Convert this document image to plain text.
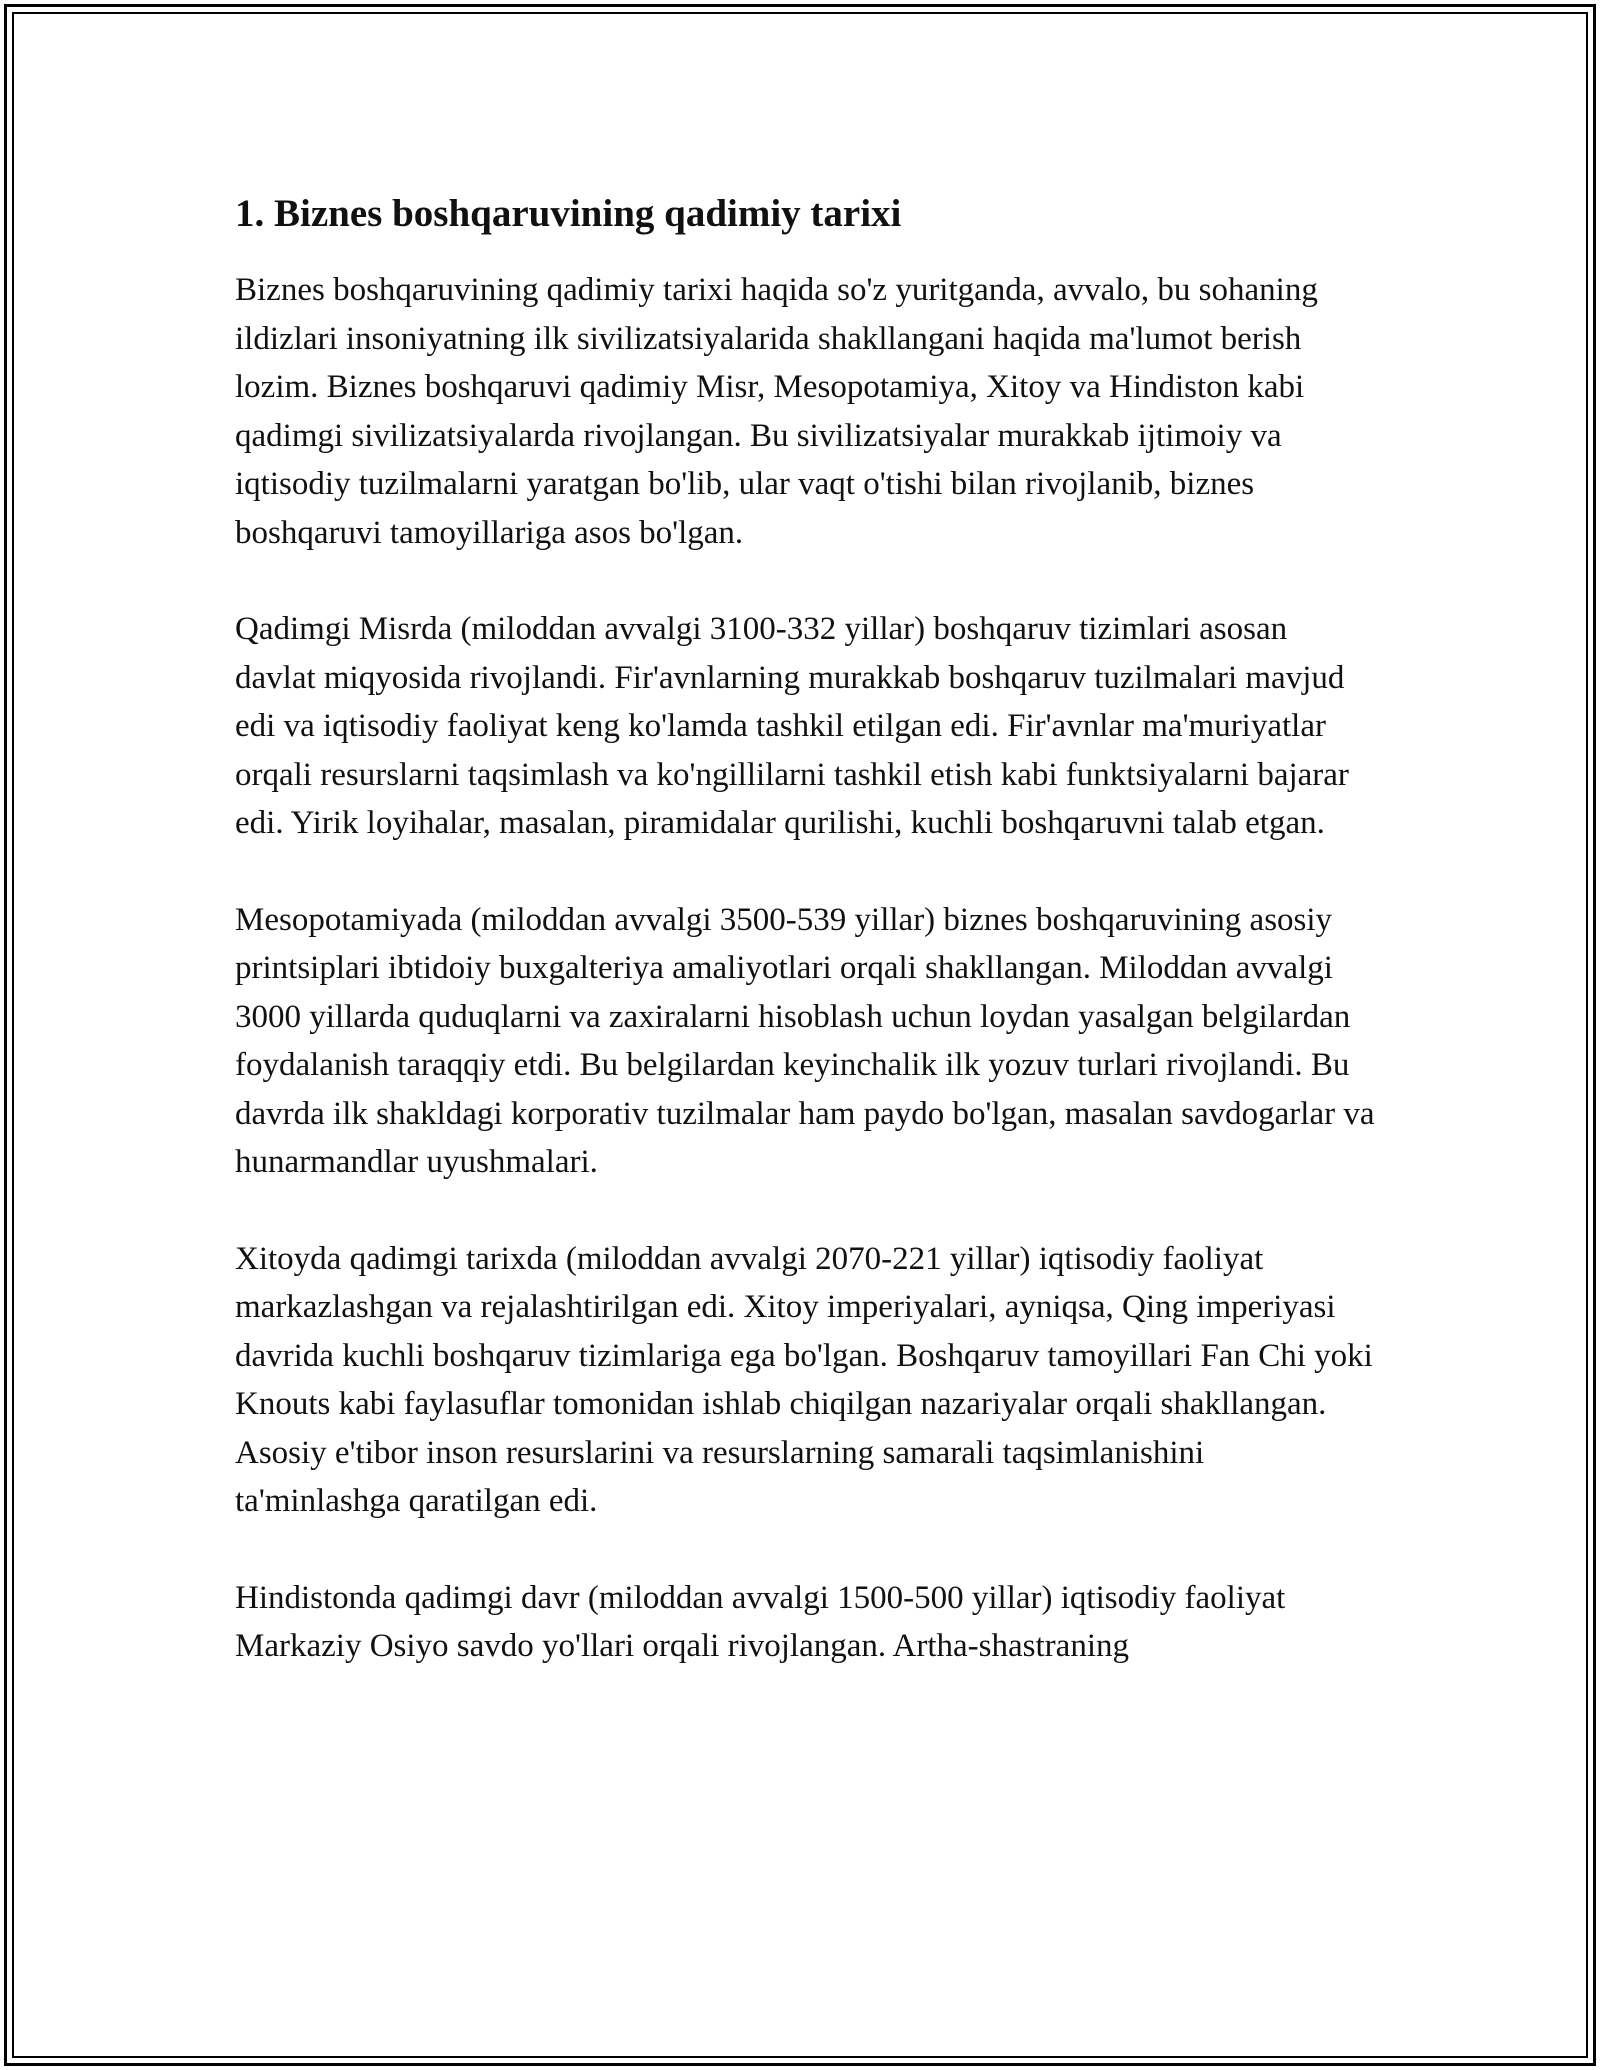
1. Biznes boshqaruvining qadimiy tarixi

Biznes boshqaruvining qadimiy tarixi haqida so'z yuritganda, avvalo, bu sohaning ildizlari insoniyatning ilk sivilizatsiyalarida shakllangani haqida ma'lumot berish lozim. Biznes boshqaruvi qadimiy Misr, Mesopotamiya, Xitoy va Hindiston kabi qadimgi sivilizatsiyalarda rivojlangan. Bu sivilizatsiyalar murakkab ijtimoiy va iqtisodiy tuzilmalarni yaratgan bo'lib, ular vaqt o'tishi bilan rivojlanib, biznes boshqaruvi tamoyillariga asos bo'lgan.

Qadimgi Misrda (miloddan avvalgi 3100-332 yillar) boshqaruv tizimlari asosan davlat miqyosida rivojlandi. Fir'avnlarning murakkab boshqaruv tuzilmalari mavjud edi va iqtisodiy faoliyat keng ko'lamda tashkil etilgan edi. Fir'avnlar ma'muriyatlar orqali resurslarni taqsimlash va ko'ngillilarni tashkil etish kabi funktsiyalarni bajarar edi. Yirik loyihalar, masalan, piramidalar qurilishi, kuchli boshqaruvni talab etgan.

Mesopotamiyada (miloddan avvalgi 3500-539 yillar) biznes boshqaruvining asosiy printsiplari ibtidoiy buxgalteriya amaliyotlari orqali shakllangan. Miloddan avvalgi 3000 yillarda quduqlarni va zaxiralarni hisoblash uchun loydan yasalgan belgilardan foydalanish taraqqiy etdi. Bu belgilardan keyinchalik ilk yozuv turlari rivojlandi. Bu davrda ilk shakldagi korporativ tuzilmalar ham paydo bo'lgan, masalan savdogarlar va hunarmandlar uyushmalari.

Xitoyda qadimgi tarixda (miloddan avvalgi 2070-221 yillar) iqtisodiy faoliyat markazlashgan va rejalashtirilgan edi. Xitoy imperiyalari, ayniqsa, Qing imperiyasi davrida kuchli boshqaruv tizimlariga ega bo'lgan. Boshqaruv tamoyillari Fan Chi yoki Knouts kabi faylasuflar tomonidan ishlab chiqilgan nazariyalar orqali shakllangan. Asosiy e'tibor inson resurslarini va resurslarning samarali taqsimlanishini ta'minlashga qaratilgan edi.

Hindistonda qadimgi davr (miloddan avvalgi 1500-500 yillar) iqtisodiy faoliyat Markaziy Osiyo savdo yo'llari orqali rivojlangan. Artha-shastraning
